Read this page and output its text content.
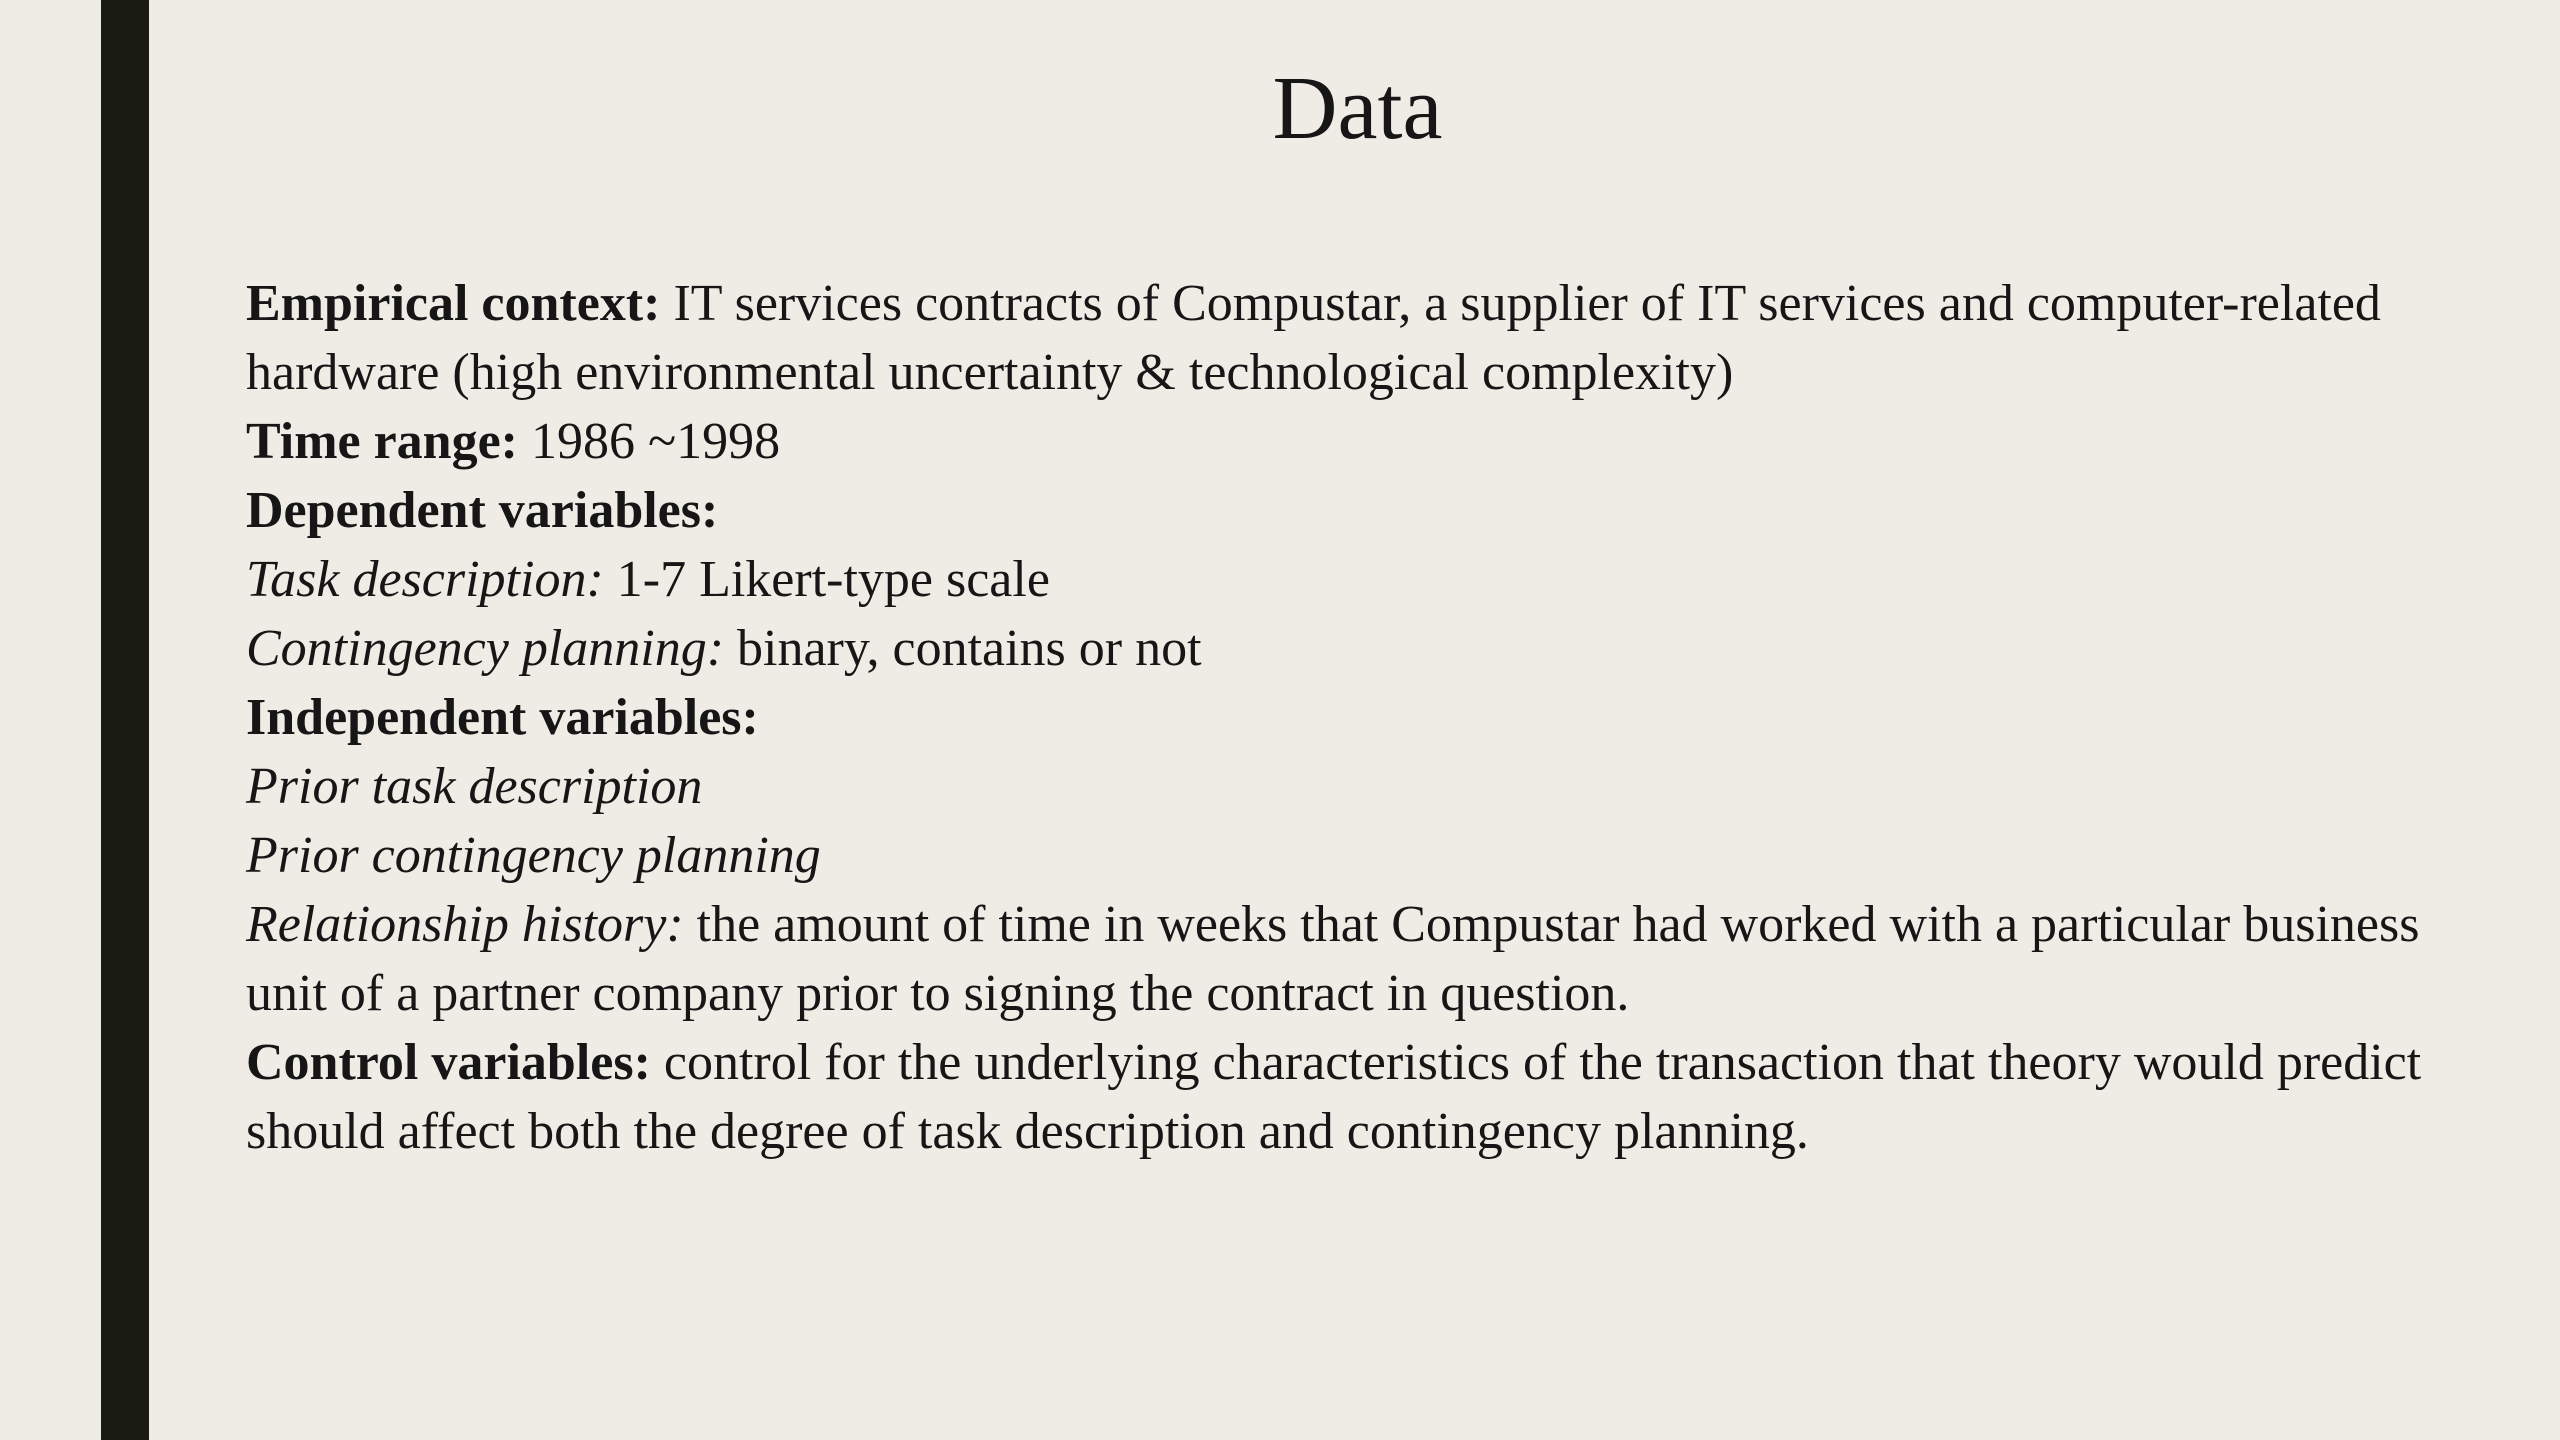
Data

Empirical context: IT services contracts of Compustar, a supplier of IT services and computer-related hardware (high environmental uncertainty & technological complexity)

Time range: 1986 ~1998

Dependent variables:

Task description: 1-7 Likert-type scale

Contingency planning: binary, contains or not

Independent variables:

Prior task description

Prior contingency planning

Relationship history: the amount of time in weeks that Compustar had worked with a particular business unit of a partner company prior to signing the contract in question.

Control variables: control for the underlying characteristics of the transaction that theory would predict should affect both the degree of task description and contingency planning.
